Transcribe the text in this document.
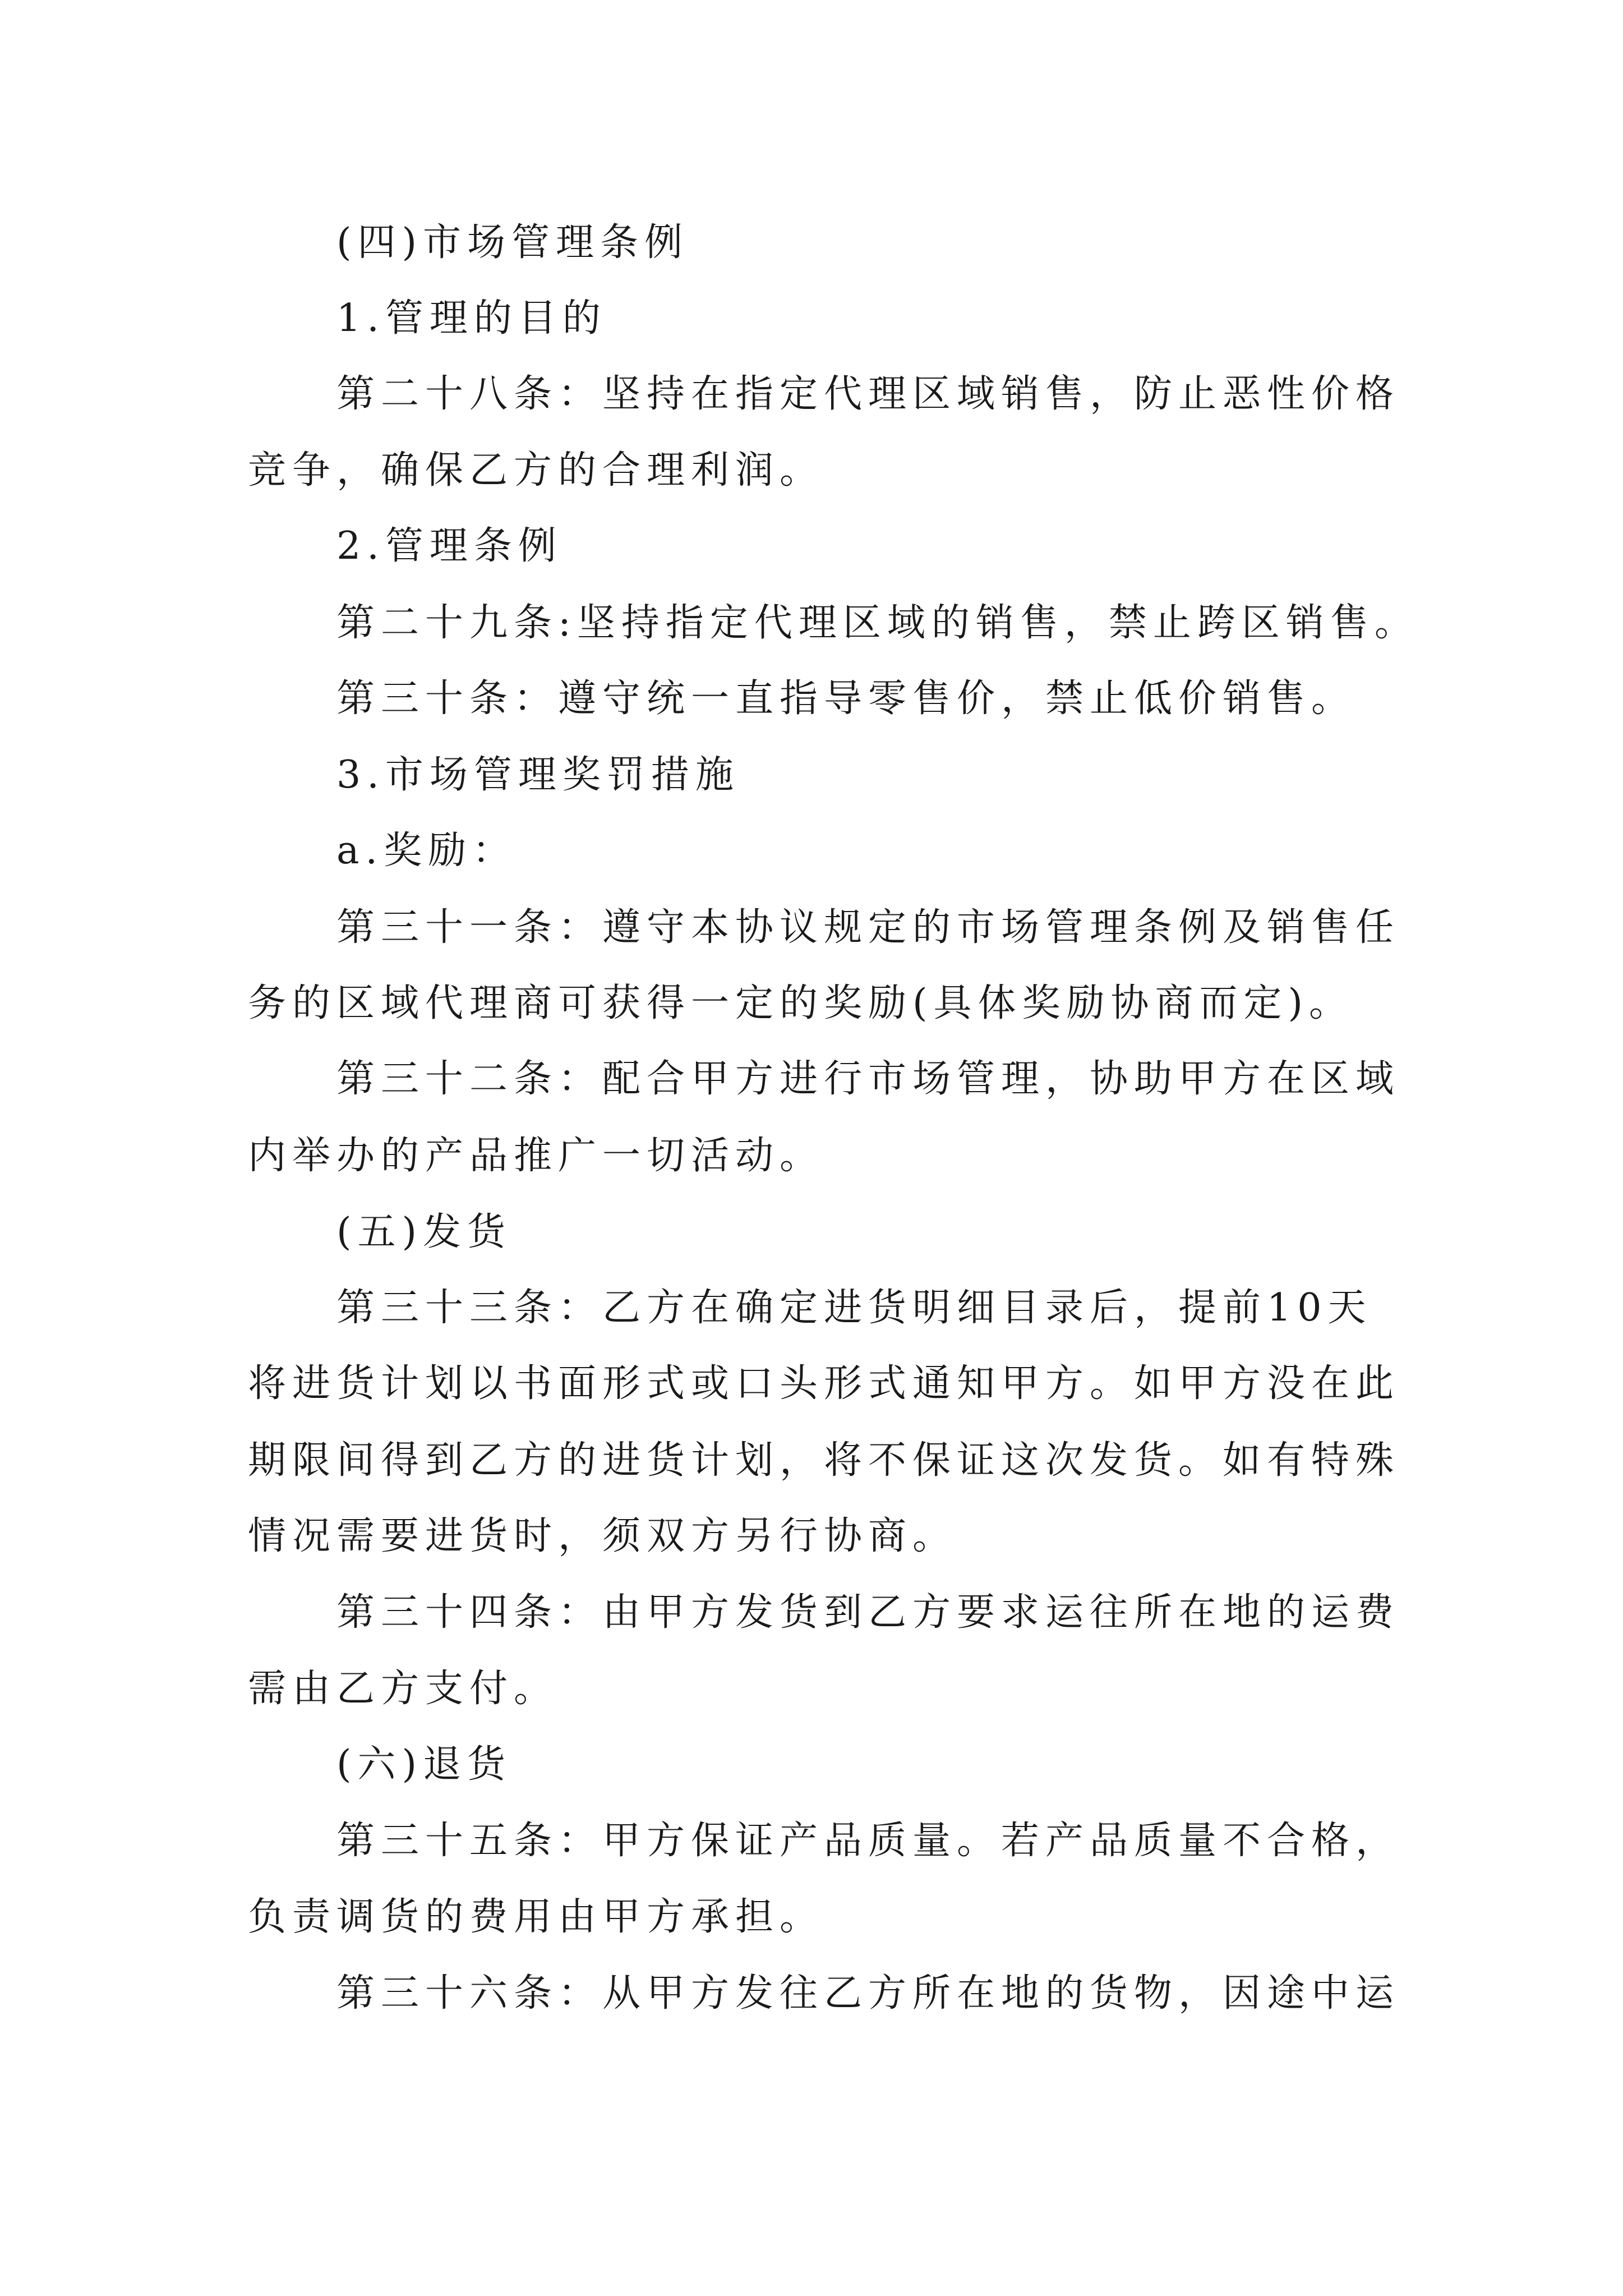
(四)市场管理条例
1.管理的目的
第二十八条：坚持在指定代理区域销售，防止恶性价格
竞争，确保乙方的合理利润。
2.管理条例
第二十九条:坚持指定代理区域的销售，禁止跨区销售。
第三十条：遵守统一直指导零售价，禁止低价销售。
3.市场管理奖罚措施
a.奖励：
第三十一条：遵守本协议规定的市场管理条例及销售任
务的区域代理商可获得一定的奖励(具体奖励协商而定)。
第三十二条：配合甲方进行市场管理，协助甲方在区域
内举办的产品推广一切活动。
(五)发货
第三十三条：乙方在确定进货明细目录后，提前10天
将进货计划以书面形式或口头形式通知甲方。如甲方没在此
期限间得到乙方的进货计划，将不保证这次发货。如有特殊
情况需要进货时，须双方另行协商。
第三十四条：由甲方发货到乙方要求运往所在地的运费
需由乙方支付。
(六)退货
第三十五条：甲方保证产品质量。若产品质量不合格，
负责调货的费用由甲方承担。
第三十六条：从甲方发往乙方所在地的货物，因途中运
